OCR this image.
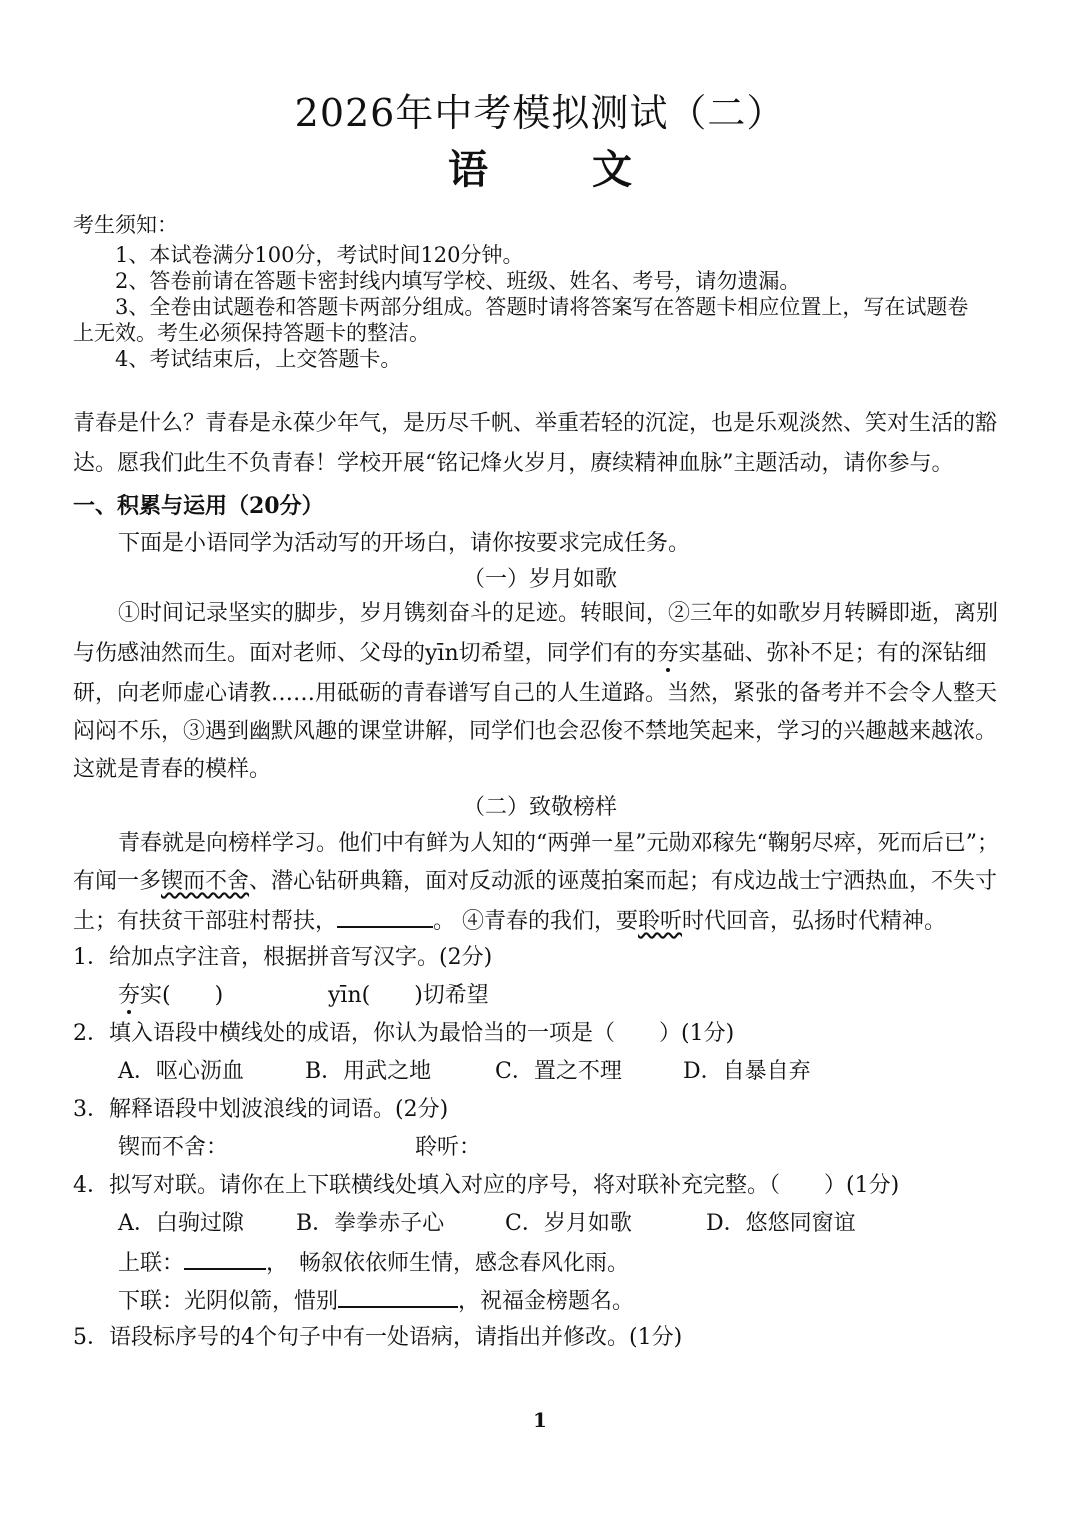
2026年中考模拟测试（二）
语 文
考生须知：
1、本试卷满分100分，考试时间120分钟。
2、答卷前请在答题卡密封线内填写学校、班级、姓名、考号，请勿遗漏。
3、全卷由试题卷和答题卡两部分组成。答题时请将答案写在答题卡相应位置上，写在试题卷
上无效。考生必须保持答题卡的整洁。
4、考试结束后，上交答题卡。
青春是什么？青春是永葆少年气，是历尽千帆、举重若轻的沉淀，也是乐观淡然、笑对生活的豁
达。愿我们此生不负青春！学校开展“铭记烽火岁月，赓续精神血脉”主题活动，请你参与。
一、积累与运用（20分）
下面是小语同学为活动写的开场白，请你按要求完成任务。
（一）岁月如歌
①时间记录坚实的脚步，岁月镌刻奋斗的足迹。转眼间，②三年的如歌岁月转瞬即逝，离别
与伤感油然而生。面对老师、父母的yīn切希望，同学们有的夯实基础、弥补不足；有的深钻细
研，向老师虚心请教……用砥砺的青春谱写自己的人生道路。当然，紧张的备考并不会令人整天
闷闷不乐，③遇到幽默风趣的课堂讲解，同学们也会忍俊不禁地笑起来，学习的兴趣越来越浓。
这就是青春的模样。
（二）致敬榜样
青春就是向榜样学习。他们中有鲜为人知的“两弹一星”元勋邓稼先“鞠躬尽瘁，死而后已”；
有闻一多锲而不舍、潜心钻研典籍，面对反动派的诬蔑拍案而起；有戍边战士宁洒热血，不失寸
土；有扶贫干部驻村帮扶，	。 ④青春的我们，要聆听时代回音，弘扬时代精神。
1．给加点字注音，根据拼音写汉字。(2分)
夯实(　　)	yīn(　　)切希望
2．填入语段中横线处的成语，你认为最恰当的一项是（　　）(1分)
A．呕心沥血	B．用武之地	C．置之不理	D．自暴自弃
3．解释语段中划波浪线的词语。(2分)
锲而不舍：	聆听：
4．拟写对联。请你在上下联横线处填入对应的序号，将对联补充完整。（　　）(1分)
A．白驹过隙 B．拳拳赤子心	C．岁月如歌	D．悠悠同窗谊
上联：	，　畅叙依依师生情，感念春风化雨。
下联：光阴似箭，惜别	，祝福金榜题名。
5．语段标序号的4个句子中有一处语病，请指出并修改。(1分)
1
